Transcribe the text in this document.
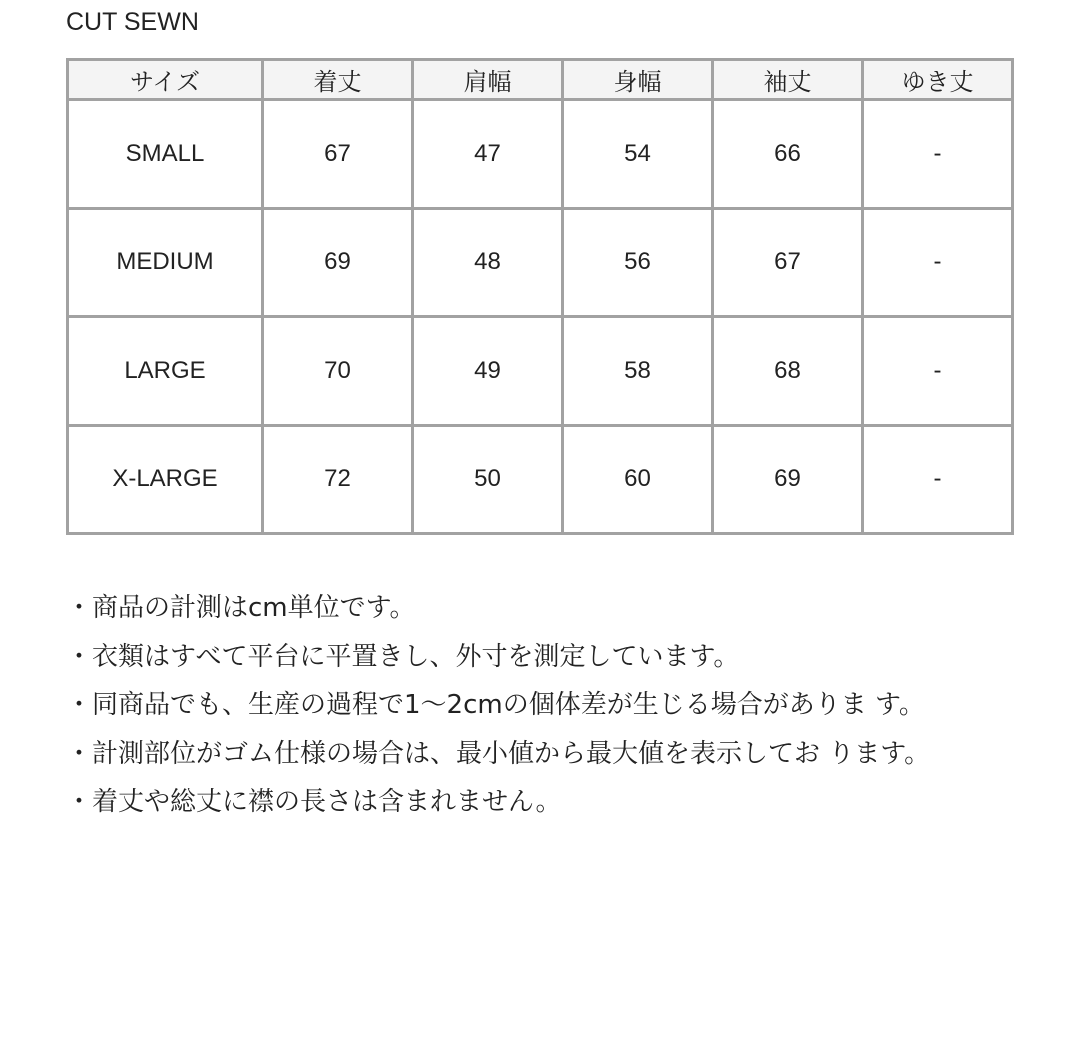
CUT SEWN
サイズ	着丈	肩幅	身幅	袖丈	ゆき丈
SMALL	67	47	54	66	-
MEDIUM	69	48	56	67	-
LARGE	70	49	58	68	-
X-LARGE	72	50	60	69	-
・商品の計測はcm単位です。
・衣類はすべて平台に平置きし、外寸を測定しています。
・同商品でも、生産の過程で1〜2cmの個体差が生じる場合がありま す。
・計測部位がゴム仕様の場合は、最小値から最大値を表示してお ります。
・着丈や総丈に襟の長さは含まれません。
